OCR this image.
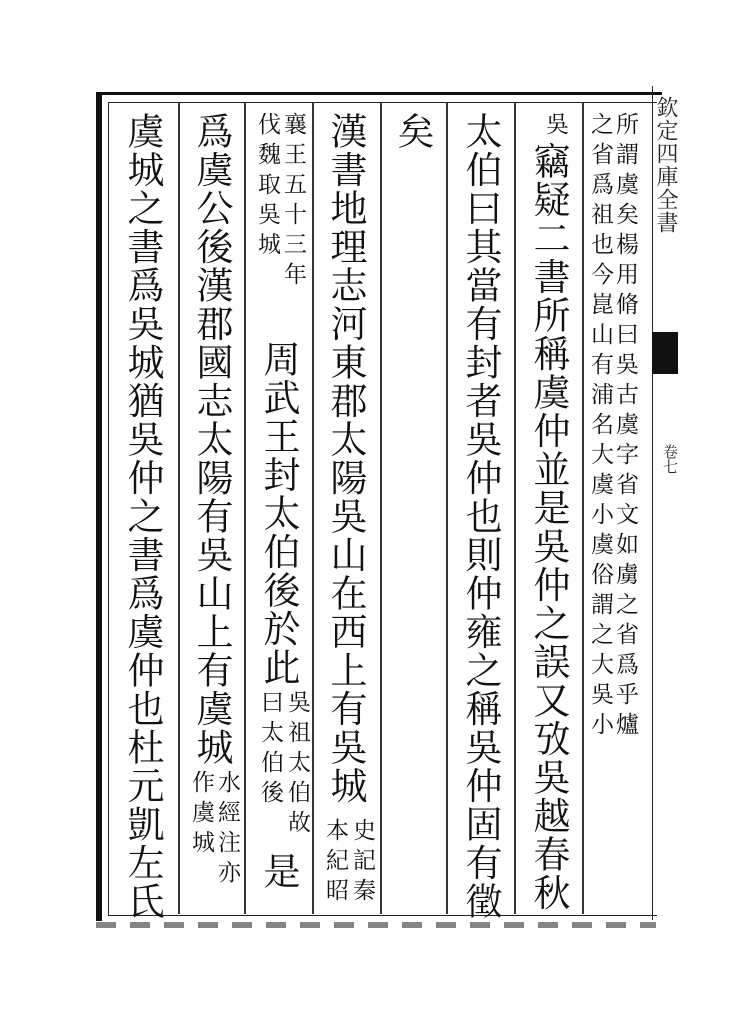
欽定四庫全書
卷七
所謂虞矣楊用脩曰吳古虞字省文如虜之省爲乎爐
之省爲祖也今崑山有浦名大虞小虞俗謂之大吳小
吳
竊疑二書所稱虞仲並是吳仲之誤又攷吳越春秋
太伯曰其當有封者吳仲也則仲雍之稱吳仲固有徵
矣
漢書地理志河東郡太陽吳山在西上有吳城
史記秦
本紀昭
襄王五十三年
伐魏取吳城
周武王封太伯後於此
吳祖太伯故
曰太伯後
是
爲虞公後漢郡國志太陽有吳山上有虞城
水經注亦
作虞城
虞城之書爲吳城猶吳仲之書爲虞仲也杜元凱左氏
